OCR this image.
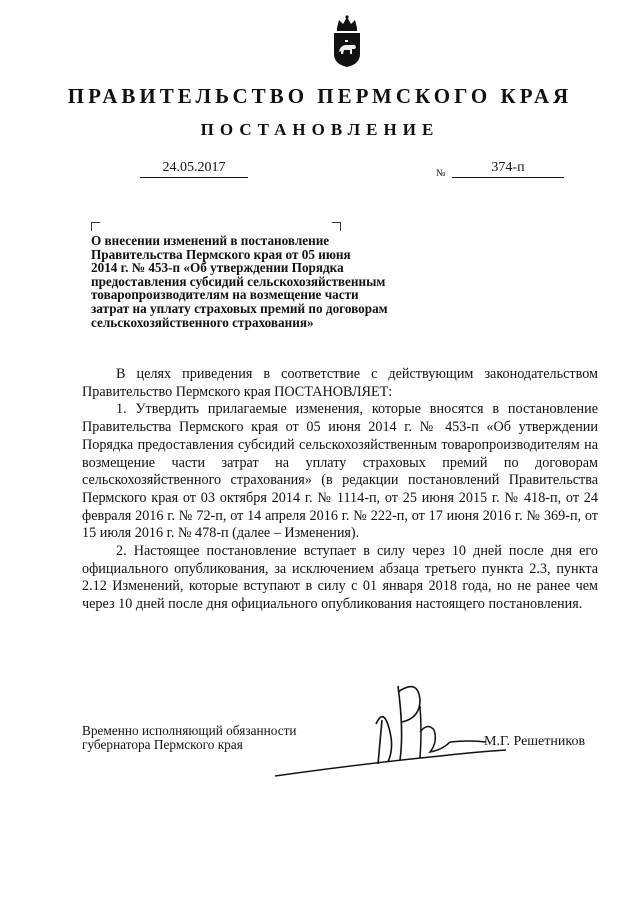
ПРАВИТЕЛЬСТВО ПЕРМСКОГО КРАЯ
ПОСТАНОВЛЕНИЕ
24.05.2017	№	374-п

О внесении изменений в постановление
Правительства Пермского края от 05 июня
2014 г. № 453-п «Об утверждении Порядка
предоставления субсидий сельскохозяйственным
товаропроизводителям на возмещение части
затрат на уплату страховых премий по договорам
сельскохозяйственного страхования»

В целях приведения в соответствие с действующим законодательством Правительство Пермского края ПОСТАНОВЛЯЕТ:

1. Утвердить прилагаемые изменения, которые вносятся в постановление Правительства Пермского края от 05 июня 2014 г. № 453-п «Об утверждении Порядка предоставления субсидий сельскохозяйственным товаропроизводителям на возмещение части затрат на уплату страховых премий по договорам сельскохозяйственного страхования» (в редакции постановлений Правительства Пермского края от 03 октября 2014 г. № 1114-п, от 25 июня 2015 г. № 418-п, от 24 февраля 2016 г. № 72-п, от 14 апреля 2016 г. № 222-п, от 17 июня 2016 г. № 369-п, от 15 июля 2016 г. № 478-п (далее – Изменения).

2. Настоящее постановление вступает в силу через 10 дней после дня его официального опубликования, за исключением абзаца третьего пункта 2.3, пункта 2.12 Изменений, которые вступают в силу с 01 января 2018 года, но не ранее чем через 10 дней после дня официального опубликования настоящего постановления.

Временно исполняющий обязанности
губернатора Пермского края	М.Г. Решетников
